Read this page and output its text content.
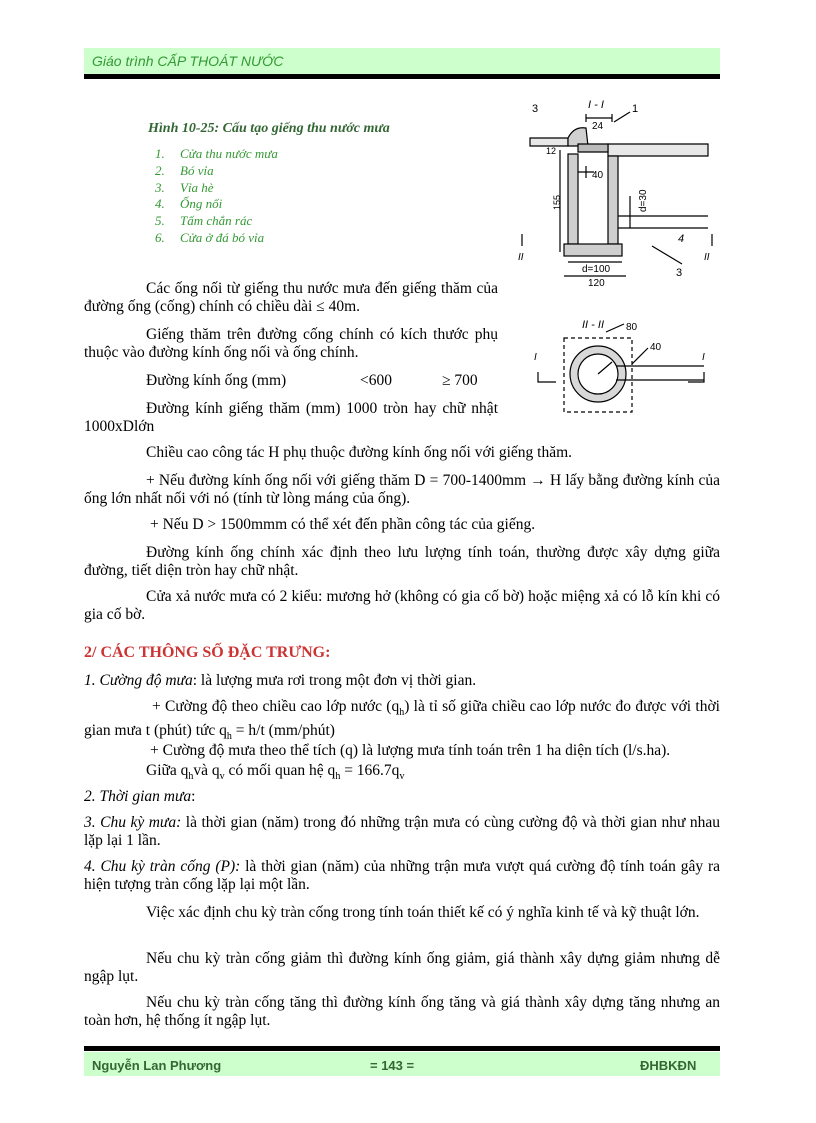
Giáo trình CẤP THOÁT NƯỚC
Hình 10-25: Cấu tạo giếng thu nước mưa
1. Cửa thu nước mưa
2. Bó vỉa
3. Vỉa hè
4. Ống nối
5. Tấm chắn rác
6. Cửa ở đá bó vỉa
3	I - I	1
24
12
40
155	d=30
4
II	II
3
d=100
120
II - II 80
40
I	I

Các ống nối từ giếng thu nước mưa đến giếng thăm của đường ống (cống) chính có chiều dài ≤ 40m.

Giếng thăm trên đường cống chính có kích thước phụ thuộc vào đường kính ống nối và ống chính.

Đường kính ống (mm)	<600	≥ 700

Đường kính giếng thăm (mm) 1000 tròn hay chữ nhật 1000xDlớn

Chiều cao công tác H phụ thuộc đường kính ống nối với giếng thăm.

+ Nếu đường kính ống nối với giếng thăm D = 700-1400mm → H lấy bằng đường kính của ống lớn nhất nối với nó (tính từ lòng máng của ống).

+ Nếu D > 1500mmm có thể xét đến phần công tác của giếng.

Đường kính ống chính xác định theo lưu lượng tính toán, thường được xây dựng giữa đường, tiết diện tròn hay chữ nhật.

Cửa xả nước mưa có 2 kiểu: mương hở (không có gia cố bờ) hoặc miệng xả có lỗ kín khi có gia cố bờ.

2/ CÁC THÔNG SỐ ĐẶC TRƯNG:

1. Cường độ mưa: là lượng mưa rơi trong một đơn vị thời gian.

+ Cường độ theo chiều cao lớp nước $(q_h)$ là tỉ số giữa chiều cao lớp nước đo được với thời gian mưa t (phút) tức $q_h = h/t$ (mm/phút)

+ Cường độ mưa theo thể tích (q) là lượng mưa tính toán trên 1 ha diện tích (l/s.ha).

Giữa $q_hvà$ $q_v$ có mối quan hệ $q_h = 166.7q_v$

2. Thời gian mưa:

3. Chu kỳ mưa: là thời gian (năm) trong đó những trận mưa có cùng cường độ và thời gian như nhau lặp lại 1 lần.

4. Chu kỳ tràn cống (P): là thời gian (năm) của những trận mưa vượt quá cường độ tính toán gây ra hiện tượng tràn cống lặp lại một lần.

Việc xác định chu kỳ tràn cống trong tính toán thiết kế có ý nghĩa kinh tế và kỹ thuật lớn.

Nếu chu kỳ tràn cống giảm thì đường kính ống giảm, giá thành xây dựng giảm nhưng dễ ngập lụt.

Nếu chu kỳ tràn cống tăng thì đường kính ống tăng và giá thành xây dựng tăng nhưng an toàn hơn, hệ thống ít ngập lụt.

Nguyễn Lan Phương	= 143 =	ĐHBKĐN
